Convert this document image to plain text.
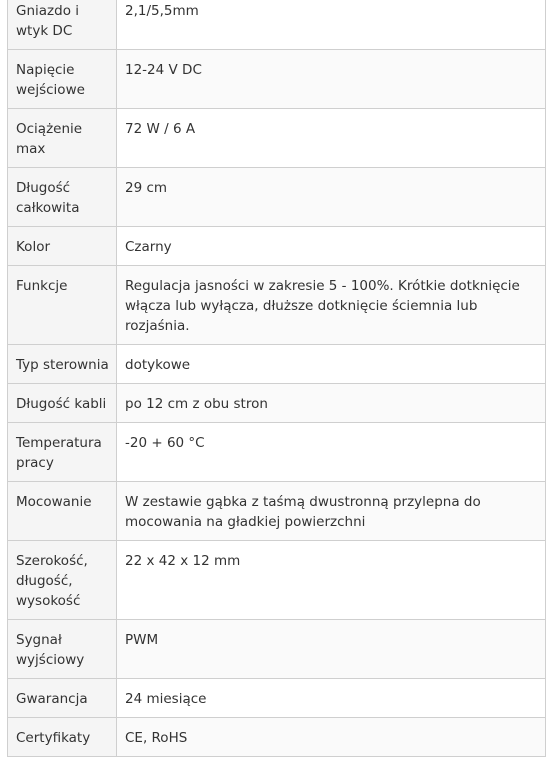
Gniazdo i wtyk DC	2,1/5,5mm
Napięcie wejściowe	12-24 V DC
Ociążenie max	72 W / 6 A
Długość całkowita	29 cm
Kolor	Czarny
Funkcje	Regulacja jasności w zakresie 5 - 100%. Krótkie dotknięcie włącza lub wyłącza, dłuższe dotknięcie ściemnia lub rozjaśnia.
Typ sterownia	dotykowe
Długość kabli	po 12 cm z obu stron
Temperatura pracy	-20 + 60 °C
Mocowanie	W zestawie gąbka z taśmą dwustronną przylepna do mocowania na gładkiej powierzchni
Szerokość, długość, wysokość	22 x 42 x 12 mm
Sygnał wyjściowy	PWM
Gwarancja	24 miesiące
Certyfikaty	CE, RoHS
